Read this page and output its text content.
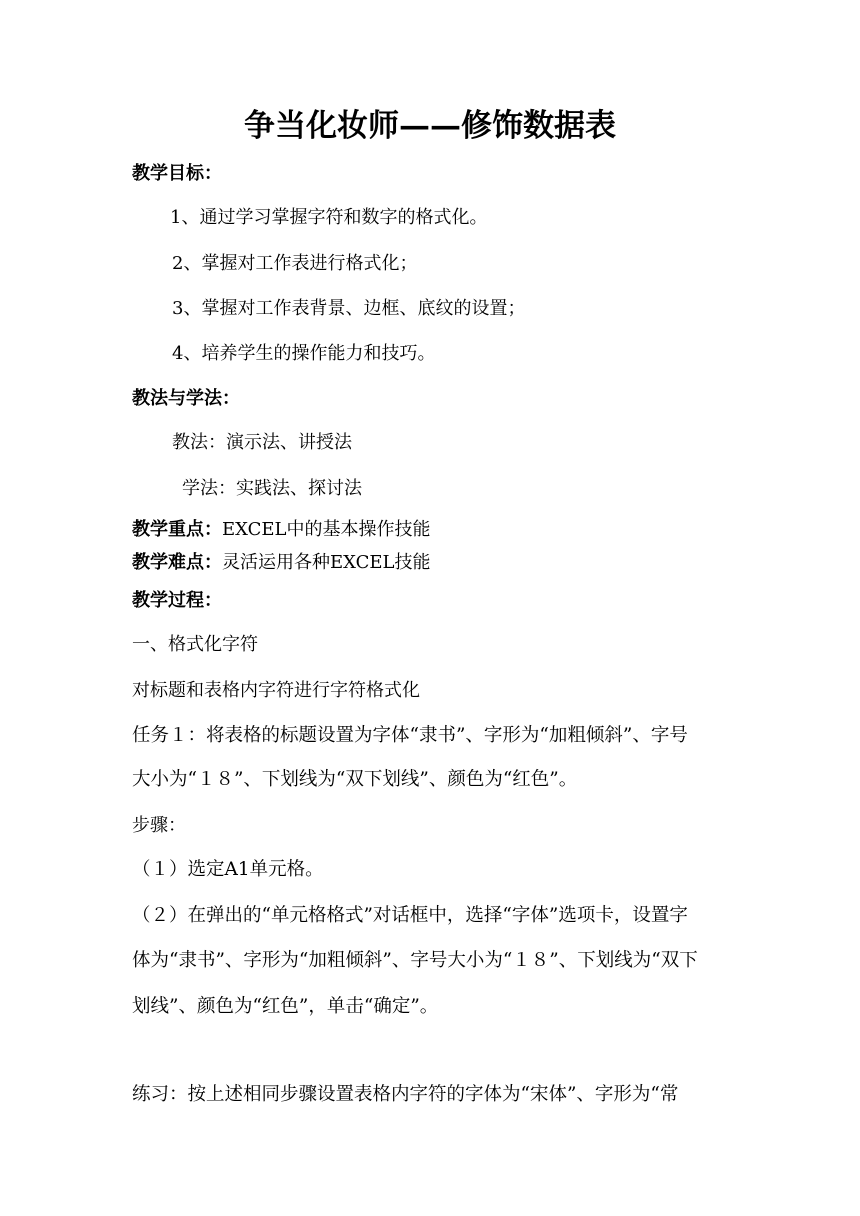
争当化妆师——修饰数据表
教学目标：
1、通过学习掌握字符和数字的格式化。
2、掌握对工作表进行格式化；
3、掌握对工作表背景、边框、底纹的设置；
4、培养学生的操作能力和技巧。
教法与学法：
教法：演示法、讲授法
学法：实践法、探讨法
教学重点：EXCEL中的基本操作技能
教学难点：灵活运用各种EXCEL技能
教学过程：
一、格式化字符
对标题和表格内字符进行字符格式化
任务１：将表格的标题设置为字体“隶书”、字形为“加粗倾斜”、字号
大小为“１８”、下划线为“双下划线”、颜色为“红色”。
步骤：
（１）选定A1单元格。
（２）在弹出的“单元格格式”对话框中，选择“字体”选项卡，设置字
体为“隶书”、字形为“加粗倾斜”、字号大小为“１８”、下划线为“双下
划线”、颜色为“红色”，单击“确定”。
练习：按上述相同步骤设置表格内字符的字体为“宋体”、字形为“常
